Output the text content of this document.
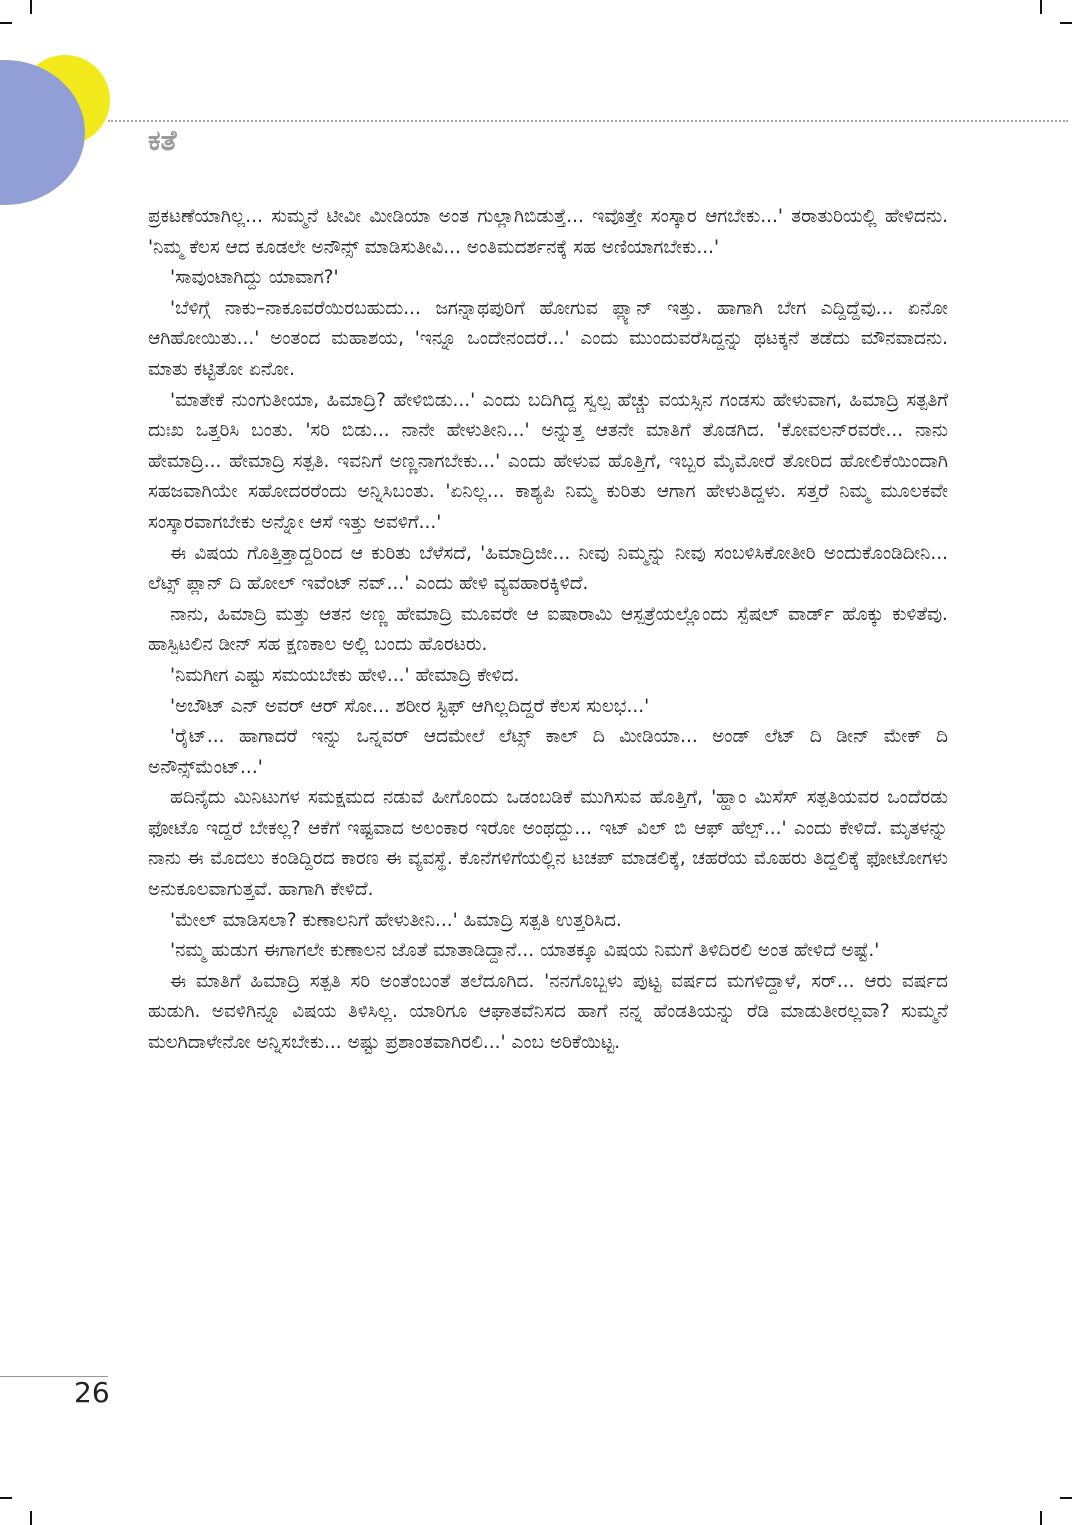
ಕತೆ

ಪ್ರಕಟಣೆಯಾಗಿಲ್ಲ... ಸುಮ್ಮನೆ ಟೀವೀ ಮೀಡಿಯಾ ಅಂತ ಗುಲ್ಲಾಗಿಬಿಡುತ್ತೆ... ಇವೊತ್ತೇ ಸಂಸ್ಕಾರ ಆಗಬೇಕು...' ತರಾತುರಿಯಲ್ಲಿ ಹೇಳಿದನು. 'ನಿಮ್ಮ ಕೆಲಸ ಆದ ಕೂಡಲೇ ಅನೌನ್ಸ್ ಮಾಡಿಸುತೀವಿ... ಅಂತಿಮದರ್ಶನಕ್ಕೆ ಸಹ ಅಣಿಯಾಗಬೇಕು...'

'ಸಾವುಂಟಾಗಿದ್ದು ಯಾವಾಗ?'

'ಬೆಳಿಗ್ಗೆ ನಾಕು–ನಾಕೂವರೆಯಿರಬಹುದು... ಜಗನ್ನಾಥಪುರಿಗೆ ಹೋಗುವ ಪ್ಲ್ಯಾನ್ ಇತ್ತು. ಹಾಗಾಗಿ ಬೇಗ ಎದ್ದಿದ್ದೆವು... ಏನೋ ಆಗಿಹೋಯಿತು...' ಅಂತಂದ ಮಹಾಶಯ, 'ಇನ್ನೂ ಒಂದೇನಂದರೆ...' ಎಂದು ಮುಂದುವರೆಸಿದ್ದನ್ನು ಥಟಕ್ಕನೆ ತಡೆದು ಮೌನವಾದನು. ಮಾತು ಕಟ್ಟಿತೋ ಏನೋ.

'ಮಾತೇಕೆ ನುಂಗುತೀಯಾ, ಹಿಮಾದ್ರಿ? ಹೇಳಿಬಿಡು...' ಎಂದು ಬದಿಗಿದ್ದ ಸ್ವಲ್ಪ ಹೆಚ್ಚು ವಯಸ್ಸಿನ ಗಂಡಸು ಹೇಳುವಾಗ, ಹಿಮಾದ್ರಿ ಸತ್ಪತಿಗೆ ದುಃಖ ಒತ್ತರಿಸಿ ಬಂತು. 'ಸರಿ ಬಿಡು... ನಾನೇ ಹೇಳುತೀನಿ...' ಅನ್ನುತ್ತ ಆತನೇ ಮಾತಿಗೆ ತೊಡಗಿದ. 'ಕೋವಲನ್‌ರವರೇ... ನಾನು ಹೇಮಾದ್ರಿ... ಹೇಮಾದ್ರಿ ಸತ್ಪತಿ. ಇವನಿಗೆ ಅಣ್ಣನಾಗಬೇಕು...' ಎಂದು ಹೇಳುವ ಹೊತ್ತಿಗೆ, ಇಬ್ಬರ ಮೈಮೋರೆ ತೋರಿದ ಹೋಲಿಕೆಯಿಂದಾಗಿ ಸಹಜವಾಗಿಯೇ ಸಹೋದರರೆಂದು ಅನ್ನಿಸಿಬಂತು. 'ಏನಿಲ್ಲ... ಕಾಶ್ಯಪಿ ನಿಮ್ಮ ಕುರಿತು ಆಗಾಗ ಹೇಳುತಿದ್ದಳು. ಸತ್ತರೆ ನಿಮ್ಮ ಮೂಲಕವೇ ಸಂಸ್ಕಾರವಾಗಬೇಕು ಅನ್ನೋ ಆಸೆ ಇತ್ತು ಅವಳಿಗೆ...'

ಈ ವಿಷಯ ಗೊತ್ತಿತ್ತಾದ್ದರಿಂದ ಆ ಕುರಿತು ಬೆಳೆಸದೆ, 'ಹಿಮಾದ್ರಿಜೀ... ನೀವು ನಿಮ್ಮನ್ನು ನೀವು ಸಂಬಳಿಸಿಕೋತೀರಿ ಅಂದುಕೊಂಡಿದೀನಿ... ಲೆಟ್ಸ್ ಪ್ಲಾನ್ ದಿ ಹೋಲ್ ಇವೆಂಟ್ ನವ್...' ಎಂದು ಹೇಳಿ ವ್ಯವಹಾರಕ್ಕಿಳಿದೆ.

ನಾನು, ಹಿಮಾದ್ರಿ ಮತ್ತು ಆತನ ಅಣ್ಣ ಹೇಮಾದ್ರಿ ಮೂವರೇ ಆ ಐಷಾರಾಮಿ ಆಸ್ಪತ್ರೆಯಲ್ಲೊಂದು ಸ್ಪೆಷಲ್ ವಾರ್ಡ್ ಹೊಕ್ಕು ಕುಳಿತೆವು. ಹಾಸ್ಪಿಟಲಿನ ಡೀನ್ ಸಹ ಕ್ಷಣಕಾಲ ಅಲ್ಲಿ ಬಂದು ಹೊರಟರು.

'ನಿಮಗೀಗ ಎಷ್ಟು ಸಮಯಬೇಕು ಹೇಳಿ...' ಹೇಮಾದ್ರಿ ಕೇಳಿದ.

'ಅಬೌಟ್ ಎನ್ ಅವರ್ ಆರ್ ಸೋ... ಶರೀರ ಸ್ಟಿಫ್ ಆಗಿಲ್ಲದಿದ್ದರೆ ಕೆಲಸ ಸುಲಭ...'

'ರೈಟ್... ಹಾಗಾದರೆ ಇನ್ನು ಒನ್ನವರ್ ಆದಮೇಲೆ ಲೆಟ್ಸ್ ಕಾಲ್ ದಿ ಮೀಡಿಯಾ... ಅಂಡ್ ಲೆಟ್ ದಿ ಡೀನ್ ಮೇಕ್ ದಿ ಅನೌನ್ಸ್‌ಮೆಂಟ್...'

ಹದಿನೈದು ಮಿನಿಟುಗಳ ಸಮಕ್ಷಮದ ನಡುವೆ ಹೀಗೊಂದು ಒಡಂಬಡಿಕೆ ಮುಗಿಸುವ ಹೊತ್ತಿಗೆ, 'ಹ್ಹಾಂ ಮಿಸೆಸ್ ಸತ್ಪತಿಯವರ ಒಂದೆರಡು ಫೋಟೊ ಇದ್ದರೆ ಬೇಕಲ್ಲ? ಆಕೆಗೆ ಇಷ್ಟವಾದ ಅಲಂಕಾರ ಇರೋ ಅಂಥದ್ದು... ಇಟ್ ವಿಲ್ ಬಿ ಆಫ್ ಹೆಲ್ಪ್...' ಎಂದು ಕೇಳಿದೆ. ಮೃತಳನ್ನು ನಾನು ಈ ಮೊದಲು ಕಂಡಿದ್ದಿರದ ಕಾರಣ ಈ ವ್ಯವಸ್ಥೆ. ಕೊನೆಗಳಿಗೆಯಲ್ಲಿನ ಟಚಪ್ ಮಾಡಲಿಕ್ಕೆ, ಚಹರೆಯ ಮೊಹರು ತಿದ್ದಲಿಕ್ಕೆ ಫೋಟೋಗಳು ಅನುಕೂಲವಾಗುತ್ತವೆ. ಹಾಗಾಗಿ ಕೇಳಿದೆ.

'ಮೇಲ್ ಮಾಡಿಸಲಾ? ಕುಣಾಲನಿಗೆ ಹೇಳುತೀನಿ...' ಹಿಮಾದ್ರಿ ಸತ್ಪತಿ ಉತ್ತರಿಸಿದ.

'ನಮ್ಮ ಹುಡುಗ ಈಗಾಗಲೇ ಕುಣಾಲನ ಜೊತೆ ಮಾತಾಡಿದ್ದಾನೆ... ಯಾತಕ್ಕೂ ವಿಷಯ ನಿಮಗೆ ತಿಳಿದಿರಲಿ ಅಂತ ಹೇಳಿದೆ ಅಷ್ಟೆ.'

ಈ ಮಾತಿಗೆ ಹಿಮಾದ್ರಿ ಸತ್ಪತಿ ಸರಿ ಅಂತೆಂಬಂತೆ ತಲೆದೂಗಿದ. 'ನನಗೊಬ್ಬಳು ಪುಟ್ಟ ವರ್ಷದ ಮಗಳಿದ್ದಾಳೆ, ಸರ್... ಆರು ವರ್ಷದ ಹುಡುಗಿ. ಅವಳಿಗಿನ್ನೂ ವಿಷಯ ತಿಳಿಸಿಲ್ಲ. ಯಾರಿಗೂ ಆಘಾತವೆನಿಸದ ಹಾಗೆ ನನ್ನ ಹೆಂಡತಿಯನ್ನು ರೆಡಿ ಮಾಡುತೀರಲ್ಲವಾ? ಸುಮ್ಮನೆ ಮಲಗಿದಾಳೇನೋ ಅನ್ನಿಸಬೇಕು... ಅಷ್ಟು ಪ್ರಶಾಂತವಾಗಿರಲಿ...' ಎಂಬ ಅರಿಕೆಯಿಟ್ಟ.

26
